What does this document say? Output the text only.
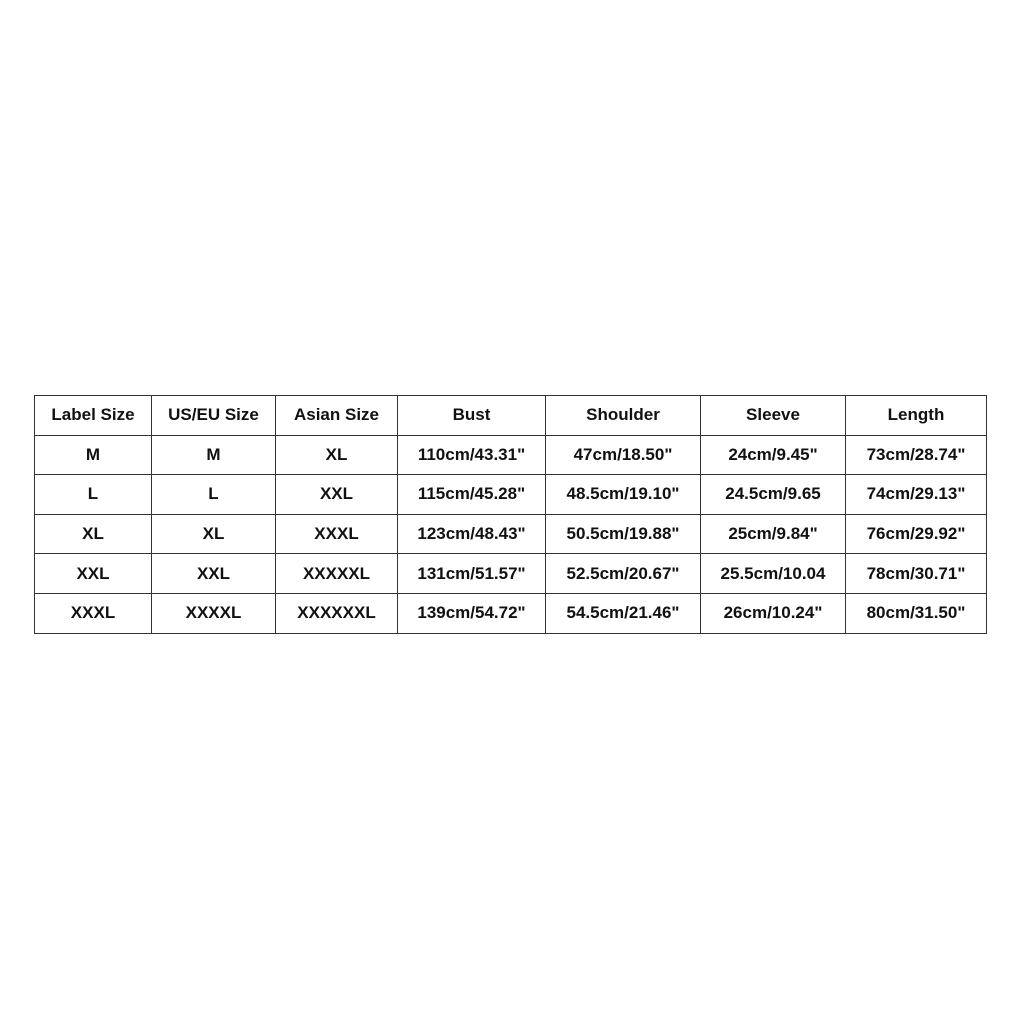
Label Size	US/EU Size	Asian Size	Bust	Shoulder	Sleeve	Length
M	M	XL	110cm/43.31"	47cm/18.50"	24cm/9.45"	73cm/28.74"
L	L	XXL	115cm/45.28"	48.5cm/19.10"	24.5cm/9.65	74cm/29.13"
XL	XL	XXXL	123cm/48.43"	50.5cm/19.88"	25cm/9.84"	76cm/29.92"
XXL	XXL	XXXXXL	131cm/51.57"	52.5cm/20.67"	25.5cm/10.04	78cm/30.71"
XXXL	XXXXL	XXXXXXL	139cm/54.72"	54.5cm/21.46"	26cm/10.24"	80cm/31.50"
